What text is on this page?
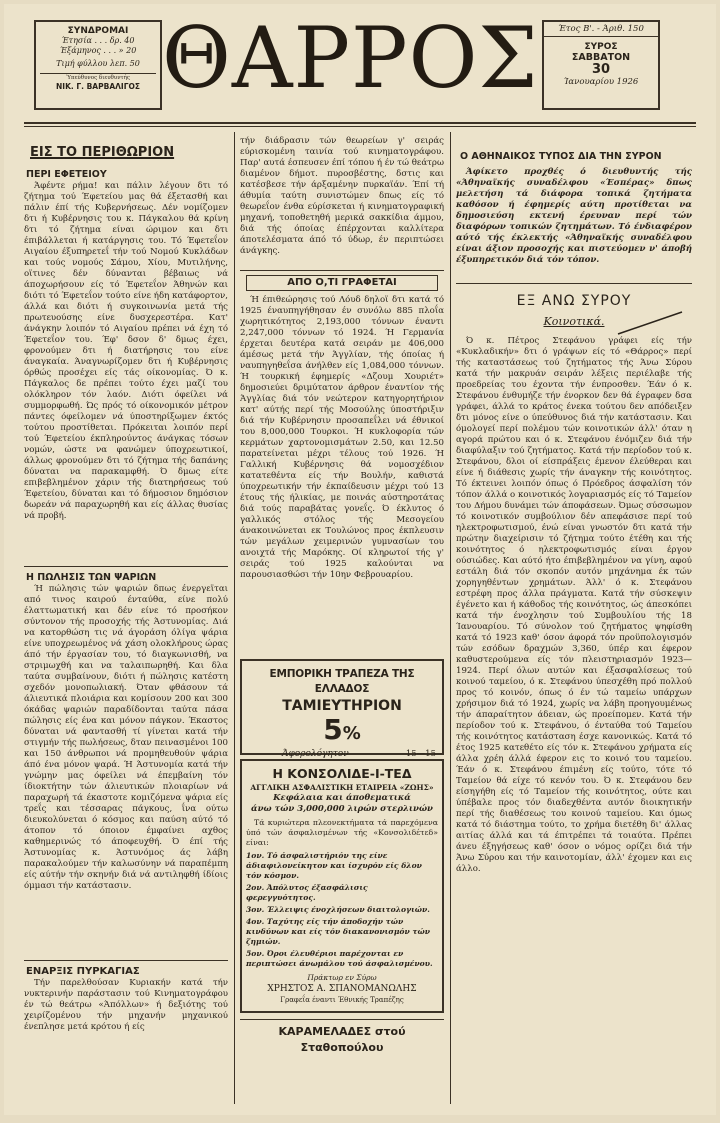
ΣΥΝΔΡΟΜΑΙ
Έτησία . . . δρ. 40
Έξάμηνος . . . » 20
Τιμή φύλλου λεπ. 50
Ύπεύθυνος διευθυντής
ΝΙΚ. Γ. ΒΑΡΒΑΛΙΓΟΣ ΘΑΡΡΟΣ	Έτος Β'. - Άριθ. 150
ΣΥΡΟΣ
ΣΑΒΒΑΤΟΝ
30
Ίανουαρίου 1926
ΕΙΣ ΤΟ ΠΕΡΙΘΩΡΙΟΝ
ΠΕΡΙ ΕΦΕΤΕΙΟΥ

Άφέντε ρήμα! και πάλιν λέγουν δτι τό ζήτημα τού Έφετείου μας θά έξετασθή και πάλιν έπί τής Κυβερνήσεως. Δέν νομίζομεν δτι ή Κυβέρνησις του κ. Πάγκαλου θά κρίνη δτι τό ζήτημα είναι ώριμον και δτι έπιβάλλεται ή κατάργησις του. Τό Έφετεΐον Αιγαίου έξυπηρετεΐ τήν τού Νομού Κυκλάδων και τούς νομούς Σάμου, Χίου, Μυτιλήνης, οϊτινες δέν δύνανται βέβαιως νά άποχωρήσουν είς τό Έφετεΐον Άθηνών και διότι τό Έφετεΐον τούτο είνε ήδη κατάφορτον, άλλά και διότι ή συγκοινωνία μετά τής πρωτευούσης είνε δυσχερεστέρα. Κατ' άνάγκην λοιπόν τό Αιγαίου πρέπει νά έχη τό Έφετεΐον του. Έφ' δσον δ' δμως έχει, φρονούμεν δτι ή διατήρησις του είνε άναγκαία. Άναγνωρίζομεν δτι ή Κυβέρνησις όρθώς προσέχει είς τάς οίκονομίας. Ό κ. Πάγκαλος δε πρέπει τούτο έχει μαζί του ολόκληρον τόν λαόν. Διότι όφείλει νά συμμορφωθή. Ώς πρός τό οίκονομικόν μέτρον πάντες όφείλομεν νά ύποστηρίξωμεν έκτός τούτου προστίθεται. Πρόκειται λοιπόν περί τού Έφετείου έκπληρούντος άνάγκας τόσων νομών, ώστε να φανώμεν ύποχρεωτικοί, άλλως φρονούμεν δτι τό ζήτημα τής δαπάνης δύναται να παρακαμφθή. Ό δμως είτε επιβεβλημένον χάριν τής διατηρήσεως τού Έφετείου, δύναται και τό δήμοσιον δημόσιον δωρεάν νά παραχωρηθή και είς άλλας θυσίας νά προβή.

Η ΠΩΛΗΣΙΣ ΤΩΝ ΨΑΡΙΩΝ

Ή πώλησις τών ψαριών δπως ένεργεΐται από τινος καιρού ένταύθα, είνε πολύ έλαττωματική και δέν είνε τό προσήκον σύντονον τής προσοχής τής Άστυνομίας. Διά να κατορθώση τις νά άγοράση όλίγα ψάρια είνε υποχρεωμένος νά χάση ολοκλήρους ώρας άπό τήν έργασίαν του, τό διαγκωνισθή, να στριμωχθή και να ταλαιπωρηθή. Και δλα ταύτα συμβαίνουν, διότι ή πώλησις κατέστη σχεδόν μονοπωλιακή. Όταν φθάσουν τά άλιευτικά πλοιάρια και κομίσουν 200 και 300 όκάδας ψαριών παραδίδονται ταύτα πάσα πώλησις είς ένα και μόνον πάγκον. Έκαστος δύναται νά φαντασθή τί γίνεται κατά τήν στιγμήν τής πωλήσεως, δταν πεινασμένοι 100 και 150 άνθρωποι νά προμηθευθούν ψάρια άπό ένα μόνον ψαρά. Ή Άστυνομία κατά τήν γνώμην μας όφείλει νά έπεμβαίνη τόν ίδιοκτήτην τών άλιευτικών πλοιαρίων νά παραχωρή τά έκαστοτε κομιζόμενα ψάρια είς τρεΐς και τέσσαρας πάγκους, ΐνα ούτω διευκολύνεται ό κόσμος και παύση αύτό τό άτοπον τό όποιον έμφαίνει αχθος καθημερινώς τό άποφευχθή. Ό έπί τής Άστυνομίας κ. Άστυνόμος άς λάβη παρακαλούμεν τήν καλωσύνην νά παραπέμπη είς αύτήν τήν σκηνήν διά νά αντιληφθή ίδίοις όμμασι τήν κατάστασιν.

ΕΝΑΡΞΙΣ ΠΥΡΚΑΓΙΑΣ

Τήν παρελθούσαν Κυριακήν κατά τήν νυκτερινήν παράστασιν τού Κινηματογράφου έν τώ θεάτρω «Άπόλλων» ή δεξιότης τού χειρίζομένου τήν μηχανήν μηχανικού ένεπλησε μετά κρότου ή είς

τήν διάδρασιν τών θεωρείων γ' σειράς εύρισκομένη ταινία τού κινηματογράφου. Παρ' αυτά έσπευσεν έπί τόπου ή έν τώ θεάτρω διαμένον δήμοτ. πυροσβέστης, δστις και κατέσβεσε τήν άρξαμένην πυρκαϊάν. Έπί τή άθυμία ταύτη συνιστώμεν δπως είς τό θεωρεΐον ένθα εύρίσκεται ή κινηματογραφική μηχανή, τοποθετηθή μερικά σακκίδια άμμου, διά τής όποίας έπέρχονται καλλίτερα άποτελέσματα άπό τό ύδωρ, έν περιπτώσει άνάγκης.

ΑΠΟ Ο,ΤΙ ΓΡΑΦΕΤΑΙ

Ή έπιθεώρησις τού Λόυδ δηλοΐ δτι κατά τό 1925 έναυπηγήθησαν έν συνόλω 885 πλοΐα χωρητικότητος 2,193,000 τόννων έναντι 2,247,000 τόννων τό 1924. Ή Γερμανία έρχεται δευτέρα κατά σειράν με 406,000 άμέσως μετά τήν Άγγλίαν, τής όποίας ή ναυπηγηθεΐσα άνήλθεν είς 1,084,000 τόννων. Ή τουρκική έφημερίς «Δζουμ Χουριέτ» δημοσιεύει δριμύτατον άρθρον έναντίον τής Άγγλίας διά τόν νεώτερον κατηγορητήριον κατ' αύτής περί τής Μοσούλης ύποστήριξιν διά τήν Κυβέρνησιν προσαπεΐλει νά έθνικοί του 8,000,000 Τουρκοι. Ή κυκλοφορία τών κερμάτων χαρτονομισμάτων 2.50, και 12.50 παρατείνεται μέχρι τέλους τού 1926. Ή Γαλλική Κυβέρνησις θά νομοσχέδιον κατατεθέντα είς τήν Βουλήν, καθιστά ύποχρεωτικήν τήν έκπαίδευσιν μέχρι τού 13 έτους τής ήλικίας, με ποινάς αύστηροτάτας διά τούς παραβάτας γονεΐς. Ό έκλυτος ό γαλλικός στόλος τής Μεσογείου άνακοινώνεται εκ Τουλώνος προς έκπλευσιν τών μεγάλων χειμερινών γυμνασίων του ανοιχτά τής Μαρόκης. Οί κληρωτοί τής γ' σειράς τού 1925 καλούνται να παρουσιασθώσι τήν 10ην Φεβρουαρίου.

ΕΜΠΟΡΙΚΗ ΤΡΑΠΕΖΑ ΤΗΣ ΕΛΛΑΔΟΣ
ΤΑΜΙΕΥΤΗΡΙΟΝ
5%
Άφορολόγητον	15—15
Η ΚΟΝΣΟΛΙΔΕ-Ι-ΤΕΔ
ΑΓΓΛΙΚΗ ΑΣΦΑΛΙΣΤΙΚΗ ΕΤΑΙΡΕΙΑ «ΖΩΗΣ»
Κεφάλαια και άποθεματικά
άνω τών 3,000,000 λιρών στερλινών
Τά κυριώτερα πλεονεκτήματα τά παρεχόμενα ύπό τών άσφαλισμένων τής «Κονσολιδέτεδ» είναι:
1ον. Τό άσφαλιστήριόν της είνε άδιαφιλονείκητον και ίσχυρόν είς δλον τόν κόσμον.
2ον. Άπόλυτος έξασφάλισις φερεγγυότητος.
3ον. Έλλειψις ένοχλήσεων διαιτολογιών.
4ον. Ταχύτης είς τήν άποδοχήν τών κινδύνων και είς τόν διακανονισμόν τών ζημιών.
5ον. Όροι έλευθέριοι παρέχονται εν περιπτώσει άνωμάλου τού άσφαλισμένου.
Πράκτωρ εν Σύρω
ΧΡΗΣΤΟΣ Α. ΣΠΑΝΟΜΑΝΩΛΗΣ
Γραφεΐα έναντι Έθνικής Τραπέζης
ΚΑΡΑΜΕΛΑΔΕΣ στού Σταθοπούλου
Ο ΑΘΗΝΑΙΚΟΣ ΤΥΠΟΣ ΔΙΑ ΤΗΝ ΣΥΡΟΝ

Άφίκετο προχθές ό διευθυντής τής «Άθηναϊκής συναδέλφου «Έσπέρας» δπως μελετήση τά διάφορα τοπικά ζητήματα καθόσον ή έφημερίς αύτη προτίθεται να δημοσιεύση εκτενή έρευναν περί τών διαφόρων τοπικών ζητημάτων. Τό ένδιαφέρον αύτό τής έκλεκτής «Άθηναϊκής συναδέλφου είναι άξιον προσοχής και πιστεύομεν ν' άποβή έξυπηρετικόν διά τόν τόπον.

ΕΞ ΑΝΩ ΣΥΡΟΥ
Κοινοτικά.

Ό κ. Πέτρος Στεφάνου γράφει είς τήν «Κυκλαδικήν» δτι ό γράψων είς τό «Θάρρος» περί τής καταστάσεως τού ζητήματος τής Άνω Σύρου κατά τήν μακρυάν σειράν λέξεις περιέλαβε τής προεδρείας του έχοντα τήν ένπροσθεν. Έάν ό κ. Στεφάνου ένθυμήζε τήν ένορκον δεν θά έγραφεν δσα γράφει, άλλά το κράτος ένεκα τούτου δεν απόδειξεν δτι μόνος είνε ο ύπεύθυνος διά τήν κατάστασιν. Και όμολογεί περί πολέμου τών κοινοτικών άλλ' όταν η αγορά πρώτου και ό κ. Στεφάνου ένόμιζεν διά τήν διαφύλαξιν τού ζητήματος. Κατά τήν περίοδον τού κ. Στεφάνου, δλοι οί είσπράξεις έμενον έλεύθεραι και είνε ή διάθεσις χωρίς τήν άναγκην τής κοινότητος. Τό έκτεινει λοιπόν όπως ό Πρόεδρος άσφαλίση τόν τόπον άλλά ο κοινοτικός λογαριασμός είς τό Ταμείον του Δήμου δυνάμει τών άποφάσεων. Όμως σύσσωμον τό κοινοτικόν συμβούλιον δέν απεφάσισε περί τού ηλεκτροφωτισμού, ένώ είναι γνωστόν δτι κατά τήν πρώτην διαχείρισιν τό ζήτημα τούτο έτέθη και τής κοινότητος ό ηλεκτροφωτισμός είναι έργον ούσιώδες. Και αύτό ήτο έπιβεβλημένον να γίνη, αφού εστάλη διά τόν σκοπόν αυτόν μηχάνημα έκ τών χορηγηθέντων χρημάτων. Άλλ' ό κ. Στεφάνου εστρέφη προς άλλα πράγματα. Κατά τήν σύσκεψιν έγένετο και ή κάθοδος τής κοινότητος, ώς άπεσκόπει κατά τήν ένοχλησιν τού Συμβουλίου τής 18 Ίανουαρίου. Τό σύνολον τού ζητήματος ψηφίσθη κατά τό 1923 καθ' όσον άφορά τόν προϋπολογισμόν τών εσόδων δραχμών 3,360, ύπέρ και έφερον καθυστερούμενα είς τόν πλειστηριασμόν 1923—1924. Περί όλων αυτών και έξασφαλίσεως τού κοινού ταμείου, ό κ. Στεφάνου ύπεσχέθη πρό πολλού προς τό κοινόν, όπως ό έν τώ ταμείω υπάρχων χρήσιμον διά τό 1924, χωρίς να λάβη προηγουμένως τήν άπαραίτητον άδειαν, ώς προείπομεν. Κατά τήν περίοδον τού κ. Στεφάνου, ό ένταύθα τού Ταμείου τής κοινότητος κατάσταση έσχε κανονικώς. Κατά τό έτος 1925 κατεθέτο είς τόν κ. Στεφάνου χρήματα είς άλλα χρέη άλλά έφερον εις το κοινό του ταμείου. Έάν ό κ. Στεφάνου έπιμένη είς τούτο, τότε τό Ταμείον θά είχε τό κενόν του. Ό κ. Στεφάνου δεν είσηγήθη είς τό Ταμείον τής κοινότητος, ούτε και ύπέβαλε προς τόν διαδεχθέντα αυτόν διοικητικήν περί τής διαθέσεως του κοινού ταμείου. Και όμως κατά τό διάστημα τούτο, το χρήμα διετέθη δι' άλλας αιτίας άλλά και τά έπιτρέπει τά τοιαύτα. Πρέπει άνευ έξηγήσεως καθ' όσον ο νόμος ορίζει διά τήν Άνω Σύρου και τήν καινοτομίαν, άλλ' έχομεν και εις άλλο.
